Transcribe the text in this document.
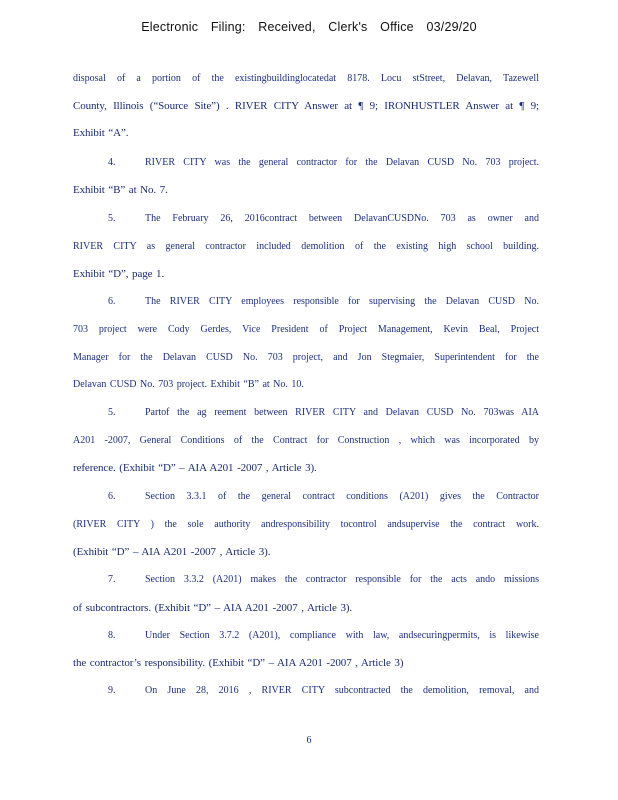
Electronic Filing: Received, Clerk's Office 03/29/20
disposal of a portion of the existingbuildinglocatedat 8178. Locu stStreet, Delavan, Tazewell
County, Illinois (“Source Site”) . RIVER CITY Answer at ¶ 9; IRONHUSTLER Answer at ¶ 9;
Exhibit “A”.
4.	RIVER CITY was the general contractor for the Delavan CUSD No. 703 project.
Exhibit “B” at No. 7.
5.	The February 26, 2016contract between DelavanCUSDNo. 703 as owner and
RIVER CITY as general contractor included demolition of the existing high school building.
Exhibit “D”, page 1.
6.	The RIVER CITY employees responsible for supervising the Delavan CUSD No.
703 project were Cody Gerdes, Vice President of Project Management, Kevin Beal, Project
Manager for the Delavan CUSD No. 703 project, and Jon Stegmaier, Superintendent for the
Delavan CUSD No. 703 project. Exhibit “B” at No. 10.
5.	Partof the ag reement between RIVER CITY and Delavan CUSD No. 703was AIA
A201 -2007, General Conditions of the Contract for Construction , which was incorporated by
reference. (Exhibit “D” – AIA A201 -2007 , Article 3).
6.	Section 3.3.1 of the general contract conditions (A201) gives the Contractor
(RIVER CITY ) the sole authority andresponsibility tocontrol andsupervise the contract work.
(Exhibit “D” – AIA A201 -2007 , Article 3).
7.	Section 3.3.2 (A201) makes the contractor responsible for the acts ando missions
of subcontractors. (Exhibit “D” – AIA A201 -2007 , Article 3).
8.	Under Section 3.7.2 (A201), compliance with law, andsecuringpermits, is likewise
the contractor’s responsibility. (Exhibit “D” – AIA A201 -2007 , Article 3)
9.	On June 28, 2016 , RIVER CITY subcontracted the demolition, removal, and
6
